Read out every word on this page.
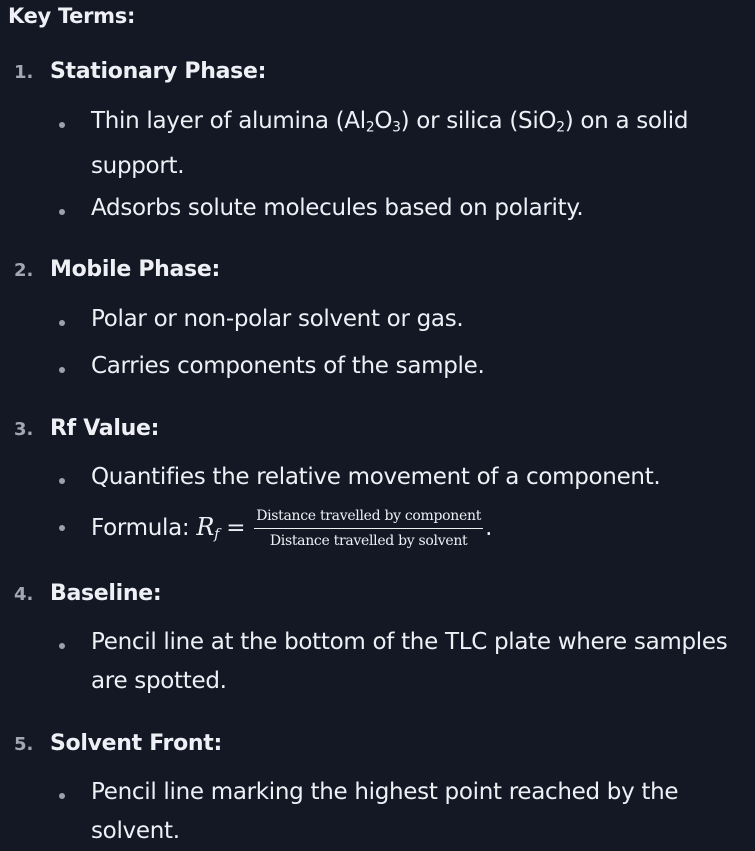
Key Terms:
1. Stationary Phase:
Thin layer of alumina $(Al_2O_3)$ or silica (SiO$_2$) on a solid support.
Adsorbs solute molecules based on polarity.
2. Mobile Phase:
Polar or non-polar solvent or gas.
Carries components of the sample.
3. Rf Value:
Quantifies the relative movement of a component.
Formula: $R_f = \frac{\text{Distance travelled by component}}{\text{Distance travelled by solvent}}$ .
4. Baseline:
Pencil line at the bottom of the TLC plate where samples are spotted.
5. Solvent Front:
Pencil line marking the highest point reached by the solvent.
